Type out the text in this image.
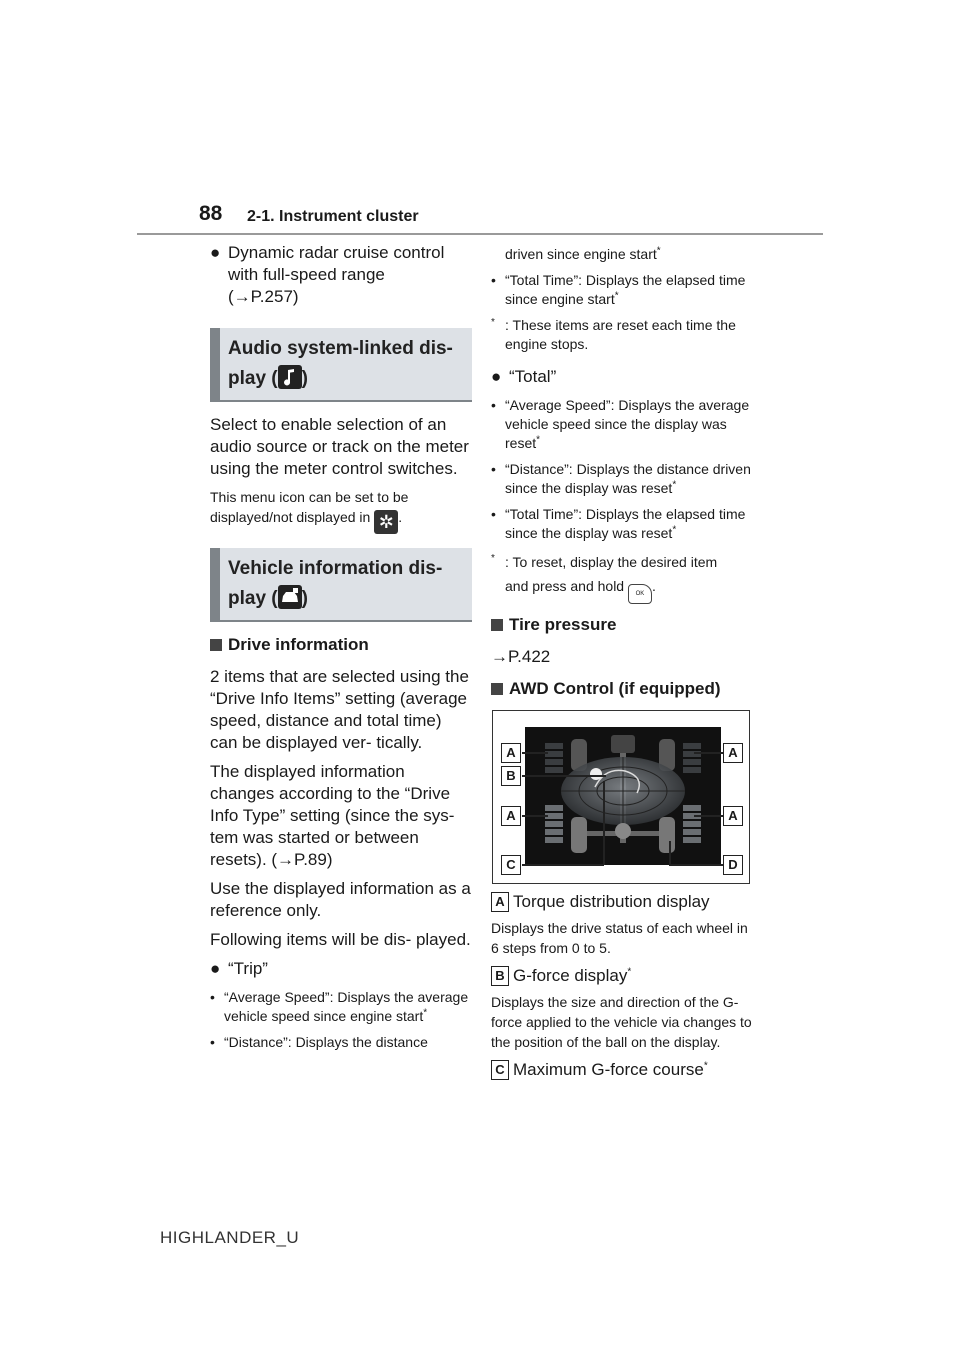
88 2-1. Instrument cluster
● Dynamic radar cruise control with full-speed range
(→P.257)
Audio system-linked dis-
play ( )

Select to enable selection of an audio source or track on the meter using the meter control switches.

This menu icon can be set to be
displayed/not displayed in ✲ .

Vehicle information dis-
play ( )
Drive information

2 items that are selected using the “Drive Info Items” setting (average speed, distance and total time) can be displayed ver- tically.

The displayed information changes according to the “Drive Info Type” setting (since the sys- tem was started or between resets). (→P.89)

Use the displayed information as a reference only.

Following items will be dis- played.

● “Trip”
• “Average Speed”: Displays the average vehicle speed since engine start*
• “Distance”: Displays the distance
driven since engine start*
• “Total Time”: Displays the elapsed time since engine start*
* : These items are reset each time the engine stops.
● “Total”
• “Average Speed”: Displays the average vehicle speed since the display was reset*
• “Distance”: Displays the distance driven since the display was reset*
• “Total Time”: Displays the elapsed time since the display was reset*
* : To reset, display the desired item
and press and hold OK .
Tire pressure

→P.422

AWD Control (if equipped)
A
B
A
C
A
A
D
A Torque distribution display

Displays the drive status of each wheel in 6 steps from 0 to 5.

B G-force display*

Displays the size and direction of the G-force applied to the vehicle via changes to the position of the ball on the display.

C Maximum G-force course*
HIGHLANDER_U
